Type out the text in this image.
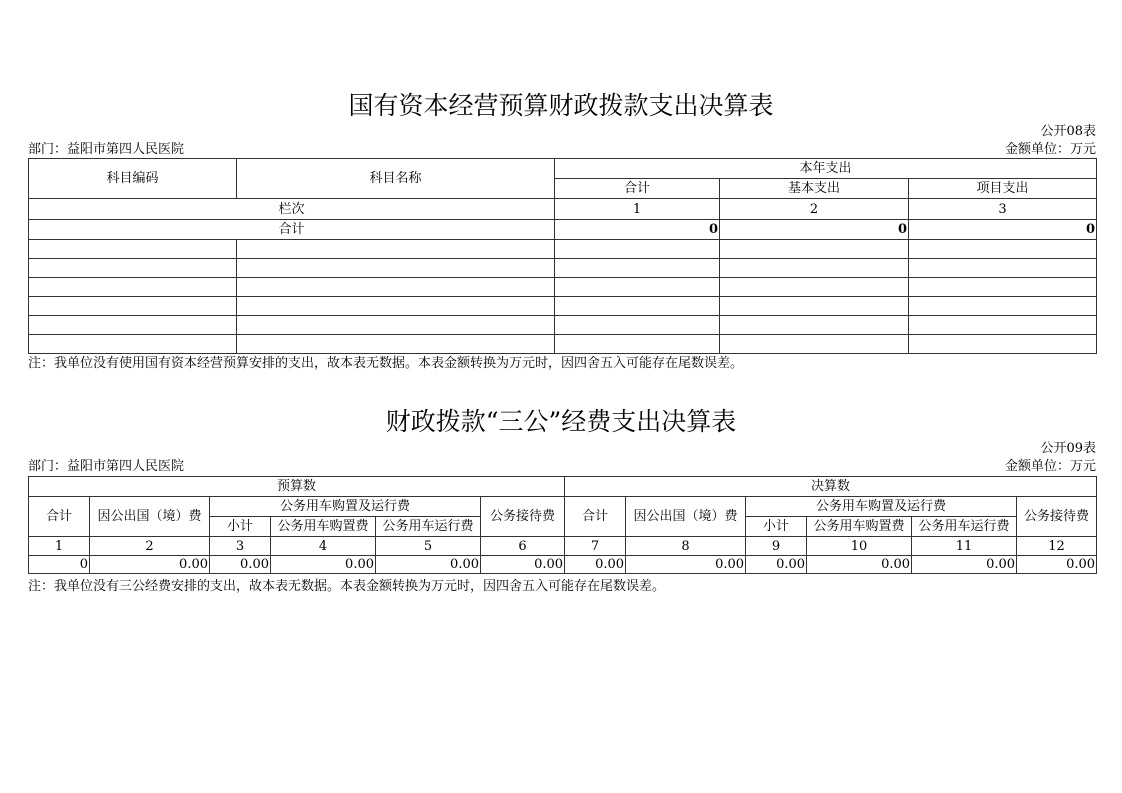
国有资本经营预算财政拨款支出决算表
公开08表
部门：益阳市第四人民医院	金额单位：万元
科目编码	科目名称	本年支出		
		合计	基本支出	项目支出
栏次		1	2	3
合计		0	0	0

注：我单位没有使用国有资本经营预算安排的支出，故本表无数据。本表金额转换为万元时，因四舍五入可能存在尾数误差。
财政拨款“三公”经费支出决算表
公开09表
部门：益阳市第四人民医院	金额单位：万元
预算数						决算数					
合计	因公出国（境）费	公务用车购置及运行费			公务接待费	合计	因公出国（境）费	公务用车购置及运行费			公务接待费
		小计	公务用车购置费	公务用车运行费				小计	公务用车购置费	公务用车运行费	
1	2	3	4	5	6	7	8	9	10	11	12
0	0.00	0.00	0.00	0.00	0.00	0.00	0.00	0.00	0.00	0.00	0.00
注：我单位没有三公经费安排的支出，故本表无数据。本表金额转换为万元时，因四舍五入可能存在尾数误差。
